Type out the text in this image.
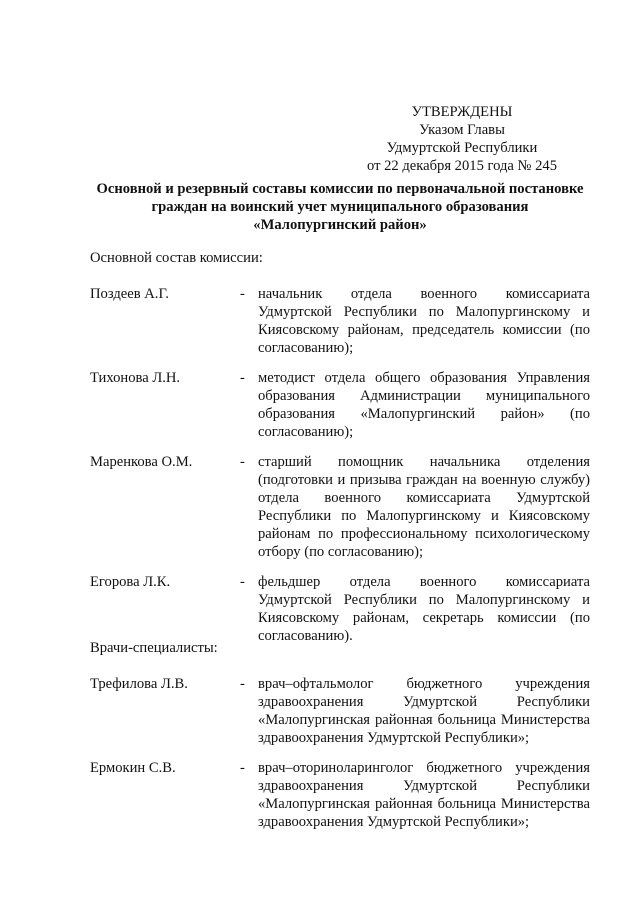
УТВЕРЖДЕНЫ
Указом Главы
Удмуртской Республики
от 22 декабря 2015 года № 245
Основной и резервный составы комиссии по первоначальной постановке
граждан на воинский учет муниципального образования
«Малопургинский район»
Основной состав комиссии:
Поздеев А.Г.	- начальник отдела военного комиссариата Удмуртской Республики по Малопургинскому и Киясовскому районам, председатель комиссии (по согласованию);
Тихонова Л.Н.	- методист отдела общего образования Управления образования Администрации муниципального образования «Малопургинский район» (по согласованию);
Маренкова О.М.	- старший помощник начальника отделения (подготовки и призыва граждан на военную службу) отдела военного комиссариата Удмуртской Республики по Малопургинскому и Киясовскому районам по профессиональному психологическому отбору (по согласованию);
Егорова Л.К.	- фельдшер отдела военного комиссариата Удмуртской Республики по Малопургинскому и Киясовскому районам, секретарь комиссии (по согласованию).
Врачи-специалисты:
Трефилова Л.В.	- врач–офтальмолог бюджетного учреждения здравоохранения Удмуртской Республики «Малопургинская районная больница Министерства здравоохранения Удмуртской Республики»;
Ермокин С.В.	- врач–оториноларинголог бюджетного учреждения здравоохранения Удмуртской Республики «Малопургинская районная больница Министерства здравоохранения Удмуртской Республики»;
